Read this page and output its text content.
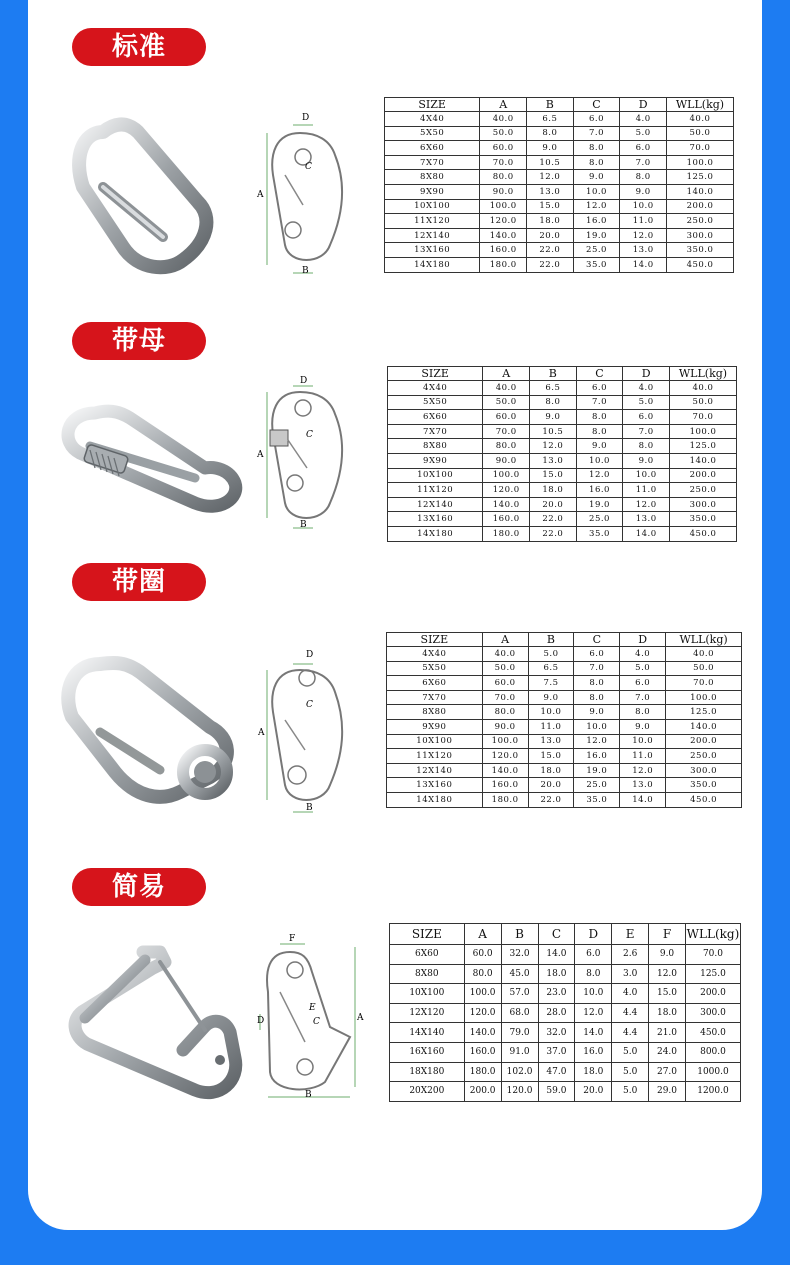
标准
A
D
C
B
SIZE	A	B	C	D	WLL(kg)
4X40	40.0	6.5	6.0	4.0	40.0
5X50	50.0	8.0	7.0	5.0	50.0
6X60	60.0	9.0	8.0	6.0	70.0
7X70	70.0	10.5	8.0	7.0	100.0
8X80	80.0	12.0	9.0	8.0	125.0
9X90	90.0	13.0	10.0	9.0	140.0
10X100	100.0	15.0	12.0	10.0	200.0
11X120	120.0	18.0	16.0	11.0	250.0
12X140	140.0	20.0	19.0	12.0	300.0
13X160	160.0	22.0	25.0	13.0	350.0
14X180	180.0	22.0	35.0	14.0	450.0
带母
A
D
C
B
SIZE	A	B	C	D	WLL(kg)
4X40	40.0	6.5	6.0	4.0	40.0
5X50	50.0	8.0	7.0	5.0	50.0
6X60	60.0	9.0	8.0	6.0	70.0
7X70	70.0	10.5	8.0	7.0	100.0
8X80	80.0	12.0	9.0	8.0	125.0
9X90	90.0	13.0	10.0	9.0	140.0
10X100	100.0	15.0	12.0	10.0	200.0
11X120	120.0	18.0	16.0	11.0	250.0
12X140	140.0	20.0	19.0	12.0	300.0
13X160	160.0	22.0	25.0	13.0	350.0
14X180	180.0	22.0	35.0	14.0	450.0
带圈
A
D
C
B
SIZE	A	B	C	D	WLL(kg)
4X40	40.0	5.0	6.0	4.0	40.0
5X50	50.0	6.5	7.0	5.0	50.0
6X60	60.0	7.5	8.0	6.0	70.0
7X70	70.0	9.0	8.0	7.0	100.0
8X80	80.0	10.0	9.0	8.0	125.0
9X90	90.0	11.0	10.0	9.0	140.0
10X100	100.0	13.0	12.0	10.0	200.0
11X120	120.0	15.0	16.0	11.0	250.0
12X140	140.0	18.0	19.0	12.0	300.0
13X160	160.0	20.0	25.0	13.0	350.0
14X180	180.0	22.0	35.0	14.0	450.0
简易
F
D
E
C	A
B
SIZE	A	B	C	D	E	F	WLL(kg)
6X60	60.0	32.0	14.0	6.0	2.6	9.0	70.0
8X80	80.0	45.0	18.0	8.0	3.0	12.0	125.0
10X100	100.0	57.0	23.0	10.0	4.0	15.0	200.0
12X120	120.0	68.0	28.0	12.0	4.4	18.0	300.0
14X140	140.0	79.0	32.0	14.0	4.4	21.0	450.0
16X160	160.0	91.0	37.0	16.0	5.0	24.0	800.0
18X180	180.0	102.0	47.0	18.0	5.0	27.0	1000.0
20X200	200.0	120.0	59.0	20.0	5.0	29.0	1200.0
